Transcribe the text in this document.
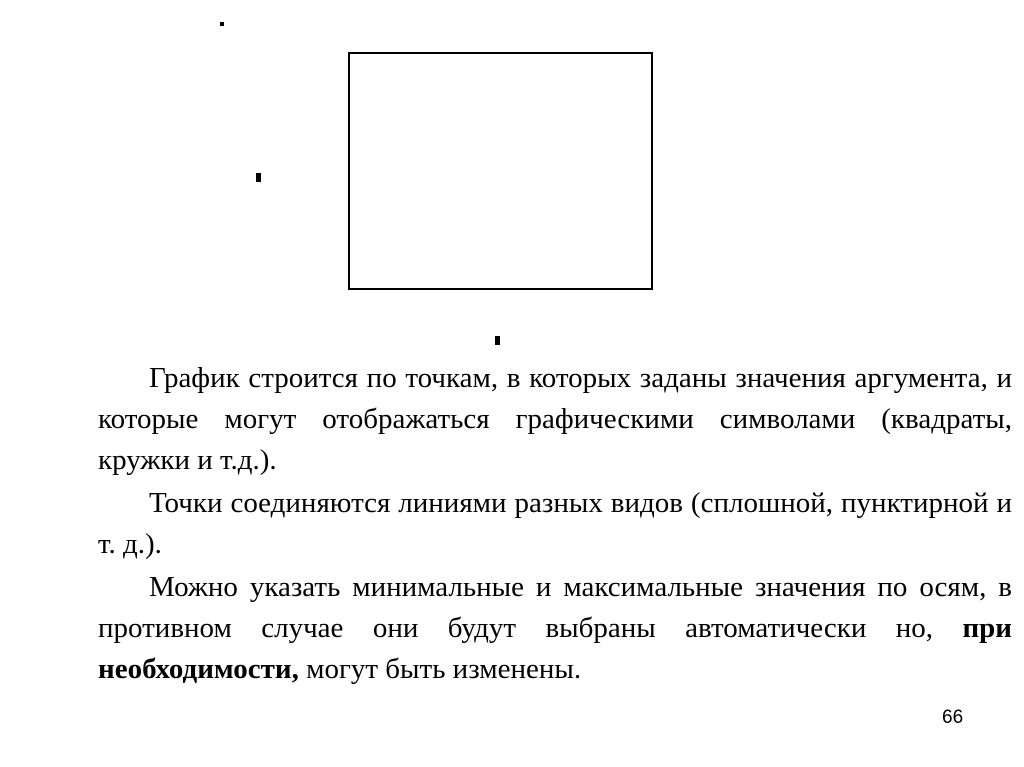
График строится по точкам, в которых заданы значения аргумента, и которые могут отображаться графическими символами (квадраты, кружки и т.д.).

Точки соединяются линиями разных видов (сплошной, пунктирной и т. д.).

Можно указать минимальные и максимальные значения по осям, в противном случае они будут выбраны автоматически но, при необходимости, могут быть изменены.

66
